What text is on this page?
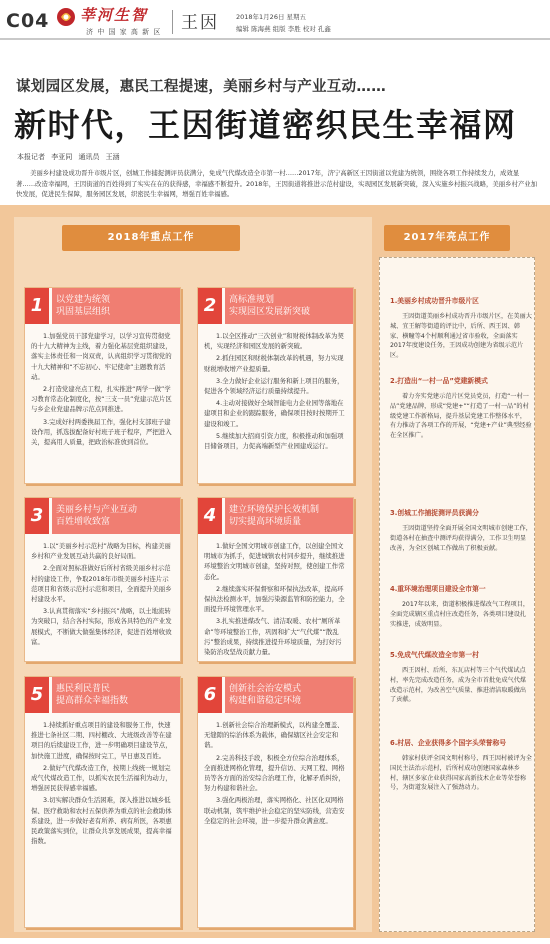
C04 莘河生智
济 中 国 家 高 新 区 王因	2018年1月26日 星期五
编辑 陈海燕 组版 李胜 校对 孔鑫
谋划园区发展，惠民工程提速，美丽乡村与产业互动……
新时代，王因街道密织民生幸福网
本报记者 李亚同 通讯员 王涵
美丽乡村建设成功晋升市级片区，创城工作捕捉测评员获满分，免成气代煤改造全市第一村……2017年，济宁高新区王因街道以党建为统领，围绕各项工作持续发力，成效显著……改造幸福网，王因街道的百姓得到了实实在在的获得感，幸福感不断提升。2018年，王因街道将推进示范村建设，实现园区发展新突破，深入实施乡村振兴战略，美丽乡村产业加快发展，促进民生保障，服务园区发展，织密民生幸福网，增强百姓幸福感。
2018年重点工作	2017年亮点工作
1	以党建为统领
巩固基层组织

1.加强党员干部党建学习，以学习宣传贯彻党的十九大精神为主线，着力强化基层党组织建设，落实主体责任和一岗双责，认真组织学习贯彻党的十九大精神和“不忘初心、牢记使命”主题教育活动。

2.打造党建亮点工程，扎实推进“两学一做”学习教育常态化制度化，按“三支一员”党建示范片区与乡企业党建品牌示范点同推进。

3.完成好村两委换届工作，强化村支部班子建设作用，抓选拔配备好村班子班子程序，严把进入关，提高用人质量，把政治标准放到首位。

2	高标准规划
实现园区发展新突破

1.以全区推动“三次创业”和财税体制改革为契机，实现经济和园区发展的新突破。

2.抓住园区和财税体制改革的机遇，努力实现财税增收增产业提质量。

3.全力做好企业运行服务和新上项目的服务，促进各个领域经济运行质量持续提升。

4.主动对接做好全域智能电力企业园等落地在建项目和企业的跟踪服务，确保项目按时按期开工建设和竣工。

5.继续加大招商引资力度，积极推动和加强项目储备项目，力促高端新型产业园建成运行。

3	美丽乡村与产业互动
百姓增收致富

1.以“美丽乡村示范村”战略为目标，构建美丽乡村和产业发展互动共赢的良好局面。

2.全面对照标准做好后所村省级美丽乡村示范村的建设工作，争取2018年市级美丽乡村连片示范项目和省级示范村示范和项目，全面提升美丽乡村建设水平。

3.认真贯彻落实“乡村振兴”战略，以土地流转为突破口，结合各村实际，形成各具特色的产业发展模式，不断做大做强集体经济，促进百姓增收致富。

4	建立环境保护长效机制
切实提高环境质量

1.做好全国文明城市创建工作，以创建全国文明城市为抓手，促进城镇农村同步提升，继续推进环境整治文明城市创建，坚持对照，使创建工作常态化。

2.继续落实环保督察和环保执法改革，提高环保执法检测水平，加强污染源监管和防控能力，全面提升环境管理水平。

3.扎实推进煤改气、清洁取暖、农村“厕所革命”等环境整治工作，巩固和扩大“气代煤”“散乱污”整治成果，持续推进提升环境质量，为打好污染防治攻坚战贡献力量。

5	惠民利民普民
提高群众幸福指数

1.持续抓好重点项目的建设和服务工作，快速推进七条社区二期、四村棚改、大班级改善等在建项目的后续建设工作，进一步明确项目建设节点，加快施工进度，确保按时完工，早日惠及百姓。

2.做好气代煤改造工作，按期上线统一规划完成气代煤改造工作，以抓实农民生活福利为动力，增强居民获得感幸福感。

3.切实解决群众生活困难，深入推进以城乡低保、医疗救助和农村五保供养为重点的社会救助体系建设，进一步做好老有所养、病有所医，各项惠民政策落实到位，让群众共享发展成果，提高幸福指数。

6	创新社会治安模式
构建和谐稳定环境

1.创新社会综合治理新模式，以构建全覆盖、无缝隙的综治体系为载体，确保辖区社会安定和谐。

2.完善科技手段，积极全方位综合治理体系，全面推进网格化管理，提升信访、天网工程、网格员等各方面的治安综合治理工作，化解矛盾纠纷，努力构建和谐社会。

3.强化两极治理，落实网格化、社区化双网格联动机制，筑牢维护社会稳定的坚实防线，营造安全稳定的社会环境，进一步提升群众满意度。

1.美丽乡村成功晋升市级片区

王因街道美丽乡村成功晋升市级片区，在美丽大城、宜王解等街道的评比中，后所、西王因、韩家、横疃等4个村顺利通过省市验收，全面落实2017年度建设任务，王因成功创建为省级示范片区。

2.打造出“一村一品”党建新模式

着力夯实党建示范片区党员党员，打造“一村一品”党建品牌，形成“党建+”“打造了一村一品”的村级党建工作新格局，提升基层党建工作整体水平，有力推动了各项工作的开展，“党建+产业”典型经验在全区推广。

3.创城工作捕捉测评员获满分

王因街道坚持全面开展全国文明城市创建工作，街道各村在抽查中测评均获得满分，工作卫生明显改善，为全区创城工作做出了积极贡献。

4.重环境治理项目建设全市第一

2017年以来，街道积极推进煤改气工程项目，全面完成辖区重点村庄改造任务，各类项目建设扎实推进，成效明显。

5.免成气代煤改造全市第一村

西王因村、后所、东瓦店村等三个气代煤试点村，率先完成改造任务，成为全市首批免成气代煤改造示范村，为改善空气质量、推进清洁取暖做出了贡献。

6.村居、企业获得多个国字头荣誉称号

韩家村获评全国文明村称号，西王因村被评为全国民主法治示范村，后所村成功创建国家森林乡村，辖区多家企业获得国家高新技术企业等荣誉称号，为街道发展注入了强劲动力。
